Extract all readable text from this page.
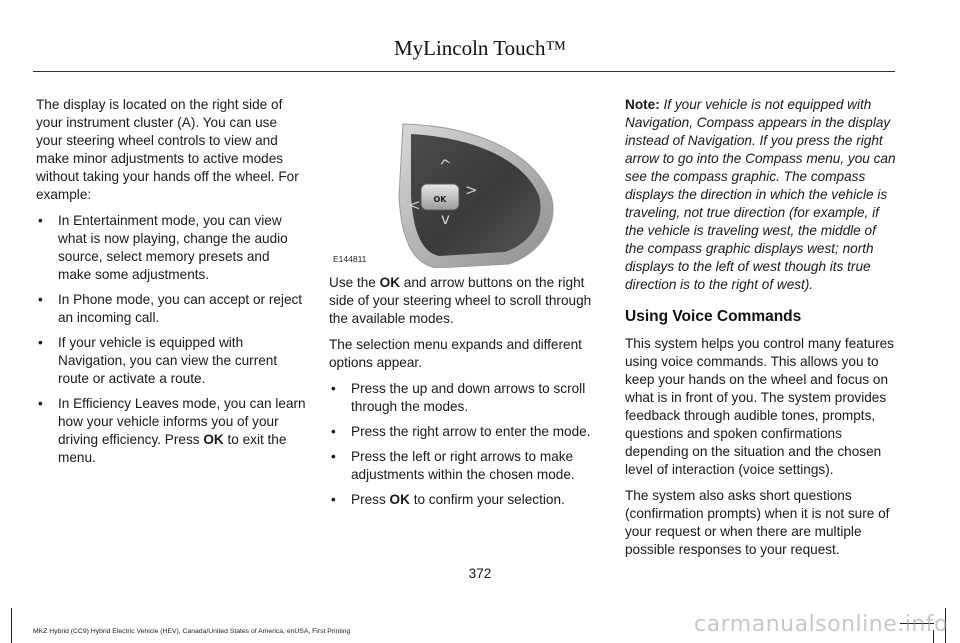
MyLincoln Touch™

The display is located on the right side of your instrument cluster (A). You can use your steering wheel controls to view and make minor adjustments to active modes without taking your hands off the wheel. For example:

• In Entertainment mode, you can view what is now playing, change the audio source, select memory presets and make some adjustments.
• In Phone mode, you can accept or reject an incoming call.
• If your vehicle is equipped with Navigation, you can view the current route or activate a route.
• In Efficiency Leaves mode, you can learn how your vehicle informs you of your driving efficiency. Press OK to exit the menu.
^
>
<
v
OK
E144811

Use the OK and arrow buttons on the right side of your steering wheel to scroll through the available modes.

The selection menu expands and different options appear.

• Press the up and down arrows to scroll through the modes.
• Press the right arrow to enter the mode.
• Press the left or right arrows to make adjustments within the chosen mode.
• Press OK to confirm your selection.

Note: If your vehicle is not equipped with Navigation, Compass appears in the display instead of Navigation. If you press the right arrow to go into the Compass menu, you can see the compass graphic. The compass displays the direction in which the vehicle is traveling, not true direction (for example, if the vehicle is traveling west, the middle of the compass graphic displays west; north displays to the left of west though its true direction is to the right of west).

Using Voice Commands

This system helps you control many features using voice commands. This allows you to keep your hands on the wheel and focus on what is in front of you. The system provides feedback through audible tones, prompts, questions and spoken confirmations depending on the situation and the chosen level of interaction (voice settings).

The system also asks short questions (confirmation prompts) when it is not sure of your request or when there are multiple possible responses to your request.

372
MKZ Hybrid (CC9) Hybrid Electric Vehicle (HEV), Canada/United States of America, enUSA, First Printing	carmanualsonline.info
